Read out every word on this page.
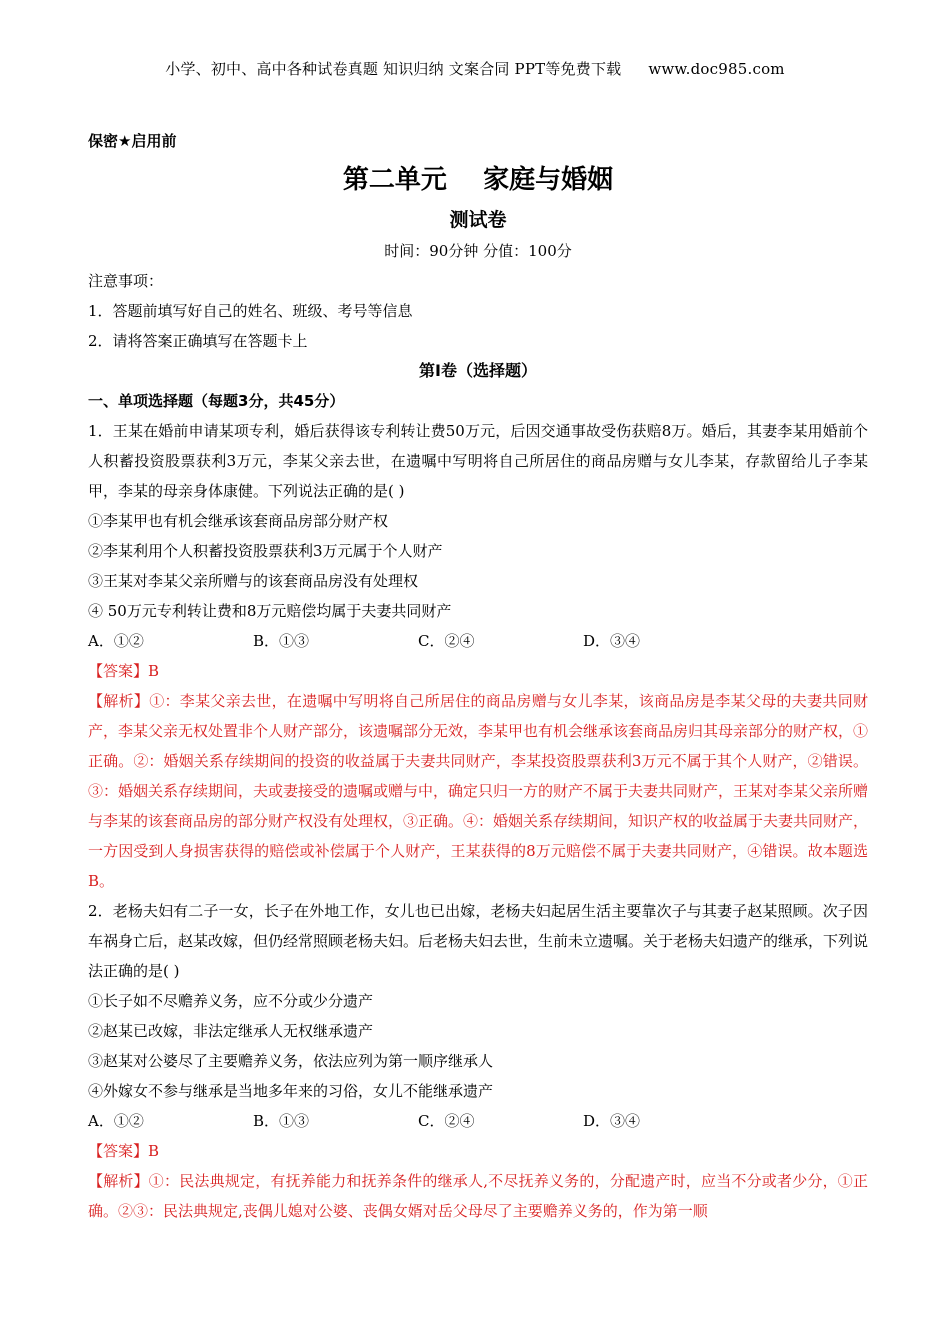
小学、初中、高中各种试卷真题 知识归纳 文案合同 PPT等免费下载 www.doc985.com
保密★启用前
第二单元    家庭与婚姻
测试卷
时间：90分钟 分值：100分
注意事项：
1．答题前填写好自己的姓名、班级、考号等信息
2．请将答案正确填写在答题卡上
第I卷（选择题）
一、单项选择题（每题3分，共45分）
1．王某在婚前申请某项专利，婚后获得该专利转让费50万元，后因交通事故受伤获赔8万。婚后，其妻李某用婚前个人积蓄投资股票获利3万元，李某父亲去世，在遗嘱中写明将自己所居住的商品房赠与女儿李某，存款留给儿子李某甲，李某的母亲身体康健。下列说法正确的是( )
①李某甲也有机会继承该套商品房部分财产权
②李某利用个人积蓄投资股票获利3万元属于个人财产
③王某对李某父亲所赠与的该套商品房没有处理权
④ 50万元专利转让费和8万元赔偿均属于夫妻共同财产
A．①②	B．①③	C．②④	D．③④
【答案】B
【解析】①：李某父亲去世，在遗嘱中写明将自己所居住的商品房赠与女儿李某，该商品房是李某父母的夫妻共同财产，李某父亲无权处置非个人财产部分，该遗嘱部分无效，李某甲也有机会继承该套商品房归其母亲部分的财产权，①正确。②：婚姻关系存续期间的投资的收益属于夫妻共同财产，李某投资股票获利3万元不属于其个人财产，②错误。③：婚姻关系存续期间，夫或妻接受的遗嘱或赠与中，确定只归一方的财产不属于夫妻共同财产，王某对李某父亲所赠与李某的该套商品房的部分财产权没有处理权，③正确。④：婚姻关系存续期间，知识产权的收益属于夫妻共同财产，一方因受到人身损害获得的赔偿或补偿属于个人财产，王某获得的8万元赔偿不属于夫妻共同财产，④错误。故本题选B。
2．老杨夫妇有二子一女，长子在外地工作，女儿也已出嫁，老杨夫妇起居生活主要靠次子与其妻子赵某照顾。次子因车祸身亡后，赵某改嫁，但仍经常照顾老杨夫妇。后老杨夫妇去世，生前未立遗嘱。关于老杨夫妇遗产的继承，下列说法正确的是( )
①长子如不尽赡养义务，应不分或少分遗产
②赵某已改嫁，非法定继承人无权继承遗产
③赵某对公婆尽了主要赡养义务，依法应列为第一顺序继承人
④外嫁女不参与继承是当地多年来的习俗，女儿不能继承遗产
A．①②	B．①③	C．②④	D．③④
【答案】B
【解析】①：民法典规定，有抚养能力和抚养条件的继承人,不尽抚养义务的，分配遗产时，应当不分或者少分，①正确。②③：民法典规定,丧偶儿媳对公婆、丧偶女婿对岳父母尽了主要赡养义务的，作为第一顺
